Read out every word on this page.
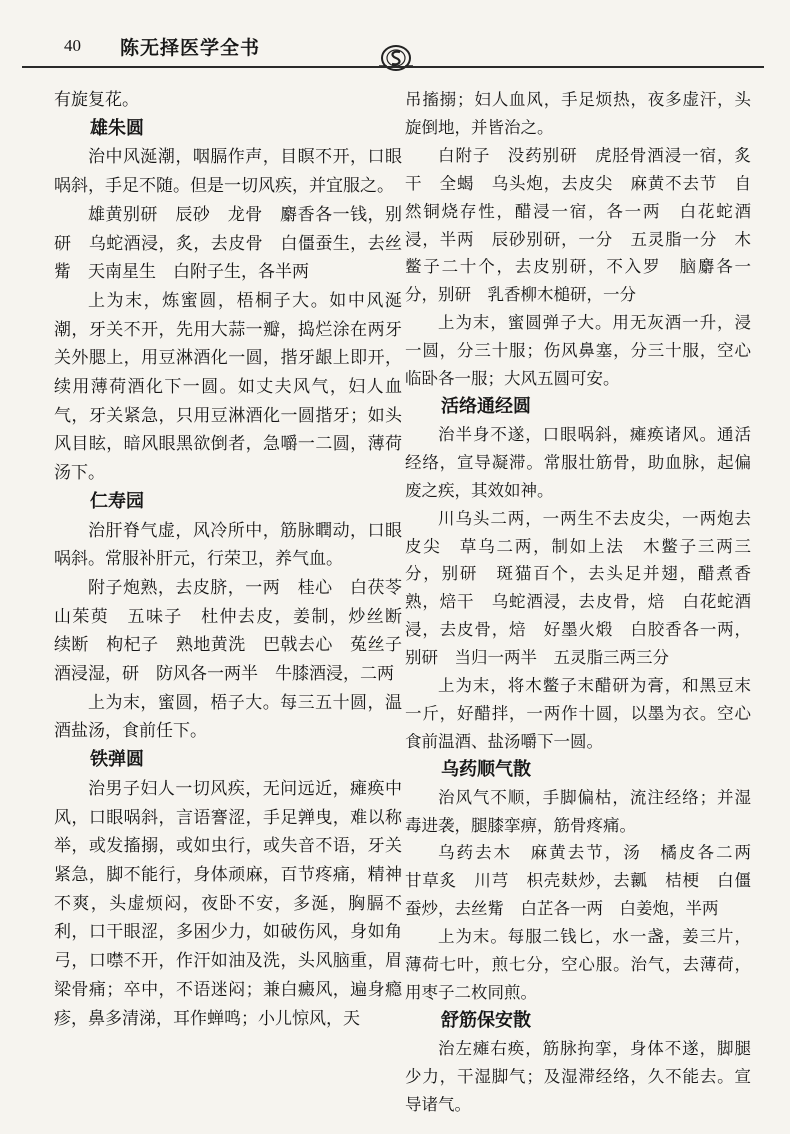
40 陈无择医学全书

有旋复花。

雄朱圆

治中风涎潮，咽膈作声，目瞑不开，口眼㖞斜，手足不随。但是一切风疾，并宜服之。

雄黄别研　辰砂　龙骨　麝香各一钱，别研　乌蛇酒浸，炙，去皮骨　白僵蚕生，去丝觜　天南星生　白附子生，各半两

上为末，炼蜜圆，梧桐子大。如中风涎潮，牙关不开，先用大蒜一瓣，捣烂涂在两牙关外腮上，用豆淋酒化一圆，揩牙龈上即开，续用薄荷酒化下一圆。如丈夫风气，妇人血气，牙关紧急，只用豆淋酒化一圆揩牙；如头风目眩，暗风眼黑欲倒者，急嚼一二圆，薄荷汤下。

仁寿园

治肝脊气虚，风冷所中，筋脉瞤动，口眼㖞斜。常服补肝元，行荣卫，养气血。

附子炮熟，去皮脐，一两　桂心　白茯苓　山茱萸　五味子　杜仲去皮，姜制，炒丝断　续断　枸杞子　熟地黄洗　巴戟去心　菟丝子酒浸湿，研　防风各一两半　牛膝酒浸，二两

上为末，蜜圆，梧子大。每三五十圆，温酒盐汤，食前任下。

铁弹圆

治男子妇人一切风疾，无问远近，瘫痪中风，口眼㖞斜，言语謇涩，手足亸曳，难以称举，或发搐搦，或如虫行，或失音不语，牙关紧急，脚不能行，身体顽麻，百节疼痛，精神不爽，头虚烦闷，夜卧不安，多涎，胸膈不利，口干眼涩，多困少力，如破伤风，身如角弓，口噤不开，作汗如油及洗，头风脑重，眉梁骨痛；卒中，不语迷闷；兼白癜风，遍身瘾疹，鼻多清涕，耳作蝉鸣；小儿惊风，天

吊搐搦；妇人血风，手足烦热，夜多虚汗，头旋倒地，并皆治之。

白附子　没药别研　虎胫骨酒浸一宿，炙干　全蝎　乌头炮，去皮尖　麻黄不去节　自然铜烧存性，醋浸一宿，各一两　白花蛇酒浸，半两　辰砂别研，一分　五灵脂一分　木鳖子二十个，去皮别研，不入罗　脑麝各一分，别研　乳香柳木槌研，一分

上为末，蜜圆弹子大。用无灰酒一升，浸一圆，分三十服；伤风鼻塞，分三十服，空心临卧各一服；大风五圆可安。

活络通经圆

治半身不遂，口眼㖞斜，瘫痪诸风。通活经络，宣导凝滞。常服壮筋骨，助血脉，起偏废之疾，其效如神。

川乌头二两，一两生不去皮尖，一两炮去皮尖　草乌二两，制如上法　木鳖子三两三分，别研　斑猫百个，去头足并翅，醋煮香熟，焙干　乌蛇酒浸，去皮骨，焙　白花蛇酒浸，去皮骨，焙　好墨火煅　白胶香各一两，别研　当归一两半　五灵脂三两三分

上为末，将木鳖子末醋研为膏，和黑豆末一斤，好醋拌，一两作十圆，以墨为衣。空心食前温酒、盐汤嚼下一圆。

乌药顺气散

治风气不顺，手脚偏枯，流注经络；并湿毒进袭，腿膝挛痹，筋骨疼痛。

乌药去木　麻黄去节，汤　橘皮各二两　甘草炙　川芎　枳壳麸炒，去瓤　桔梗　白僵蚕炒，去丝觜　白芷各一两　白姜炮，半两

上为末。每服二钱匕，水一盏，姜三片，薄荷七叶，煎七分，空心服。治气，去薄荷，用枣子二枚同煎。

舒筋保安散

治左瘫右痪，筋脉拘挛，身体不遂，脚腿少力，干湿脚气；及湿滞经络，久不能去。宣导诸气。
